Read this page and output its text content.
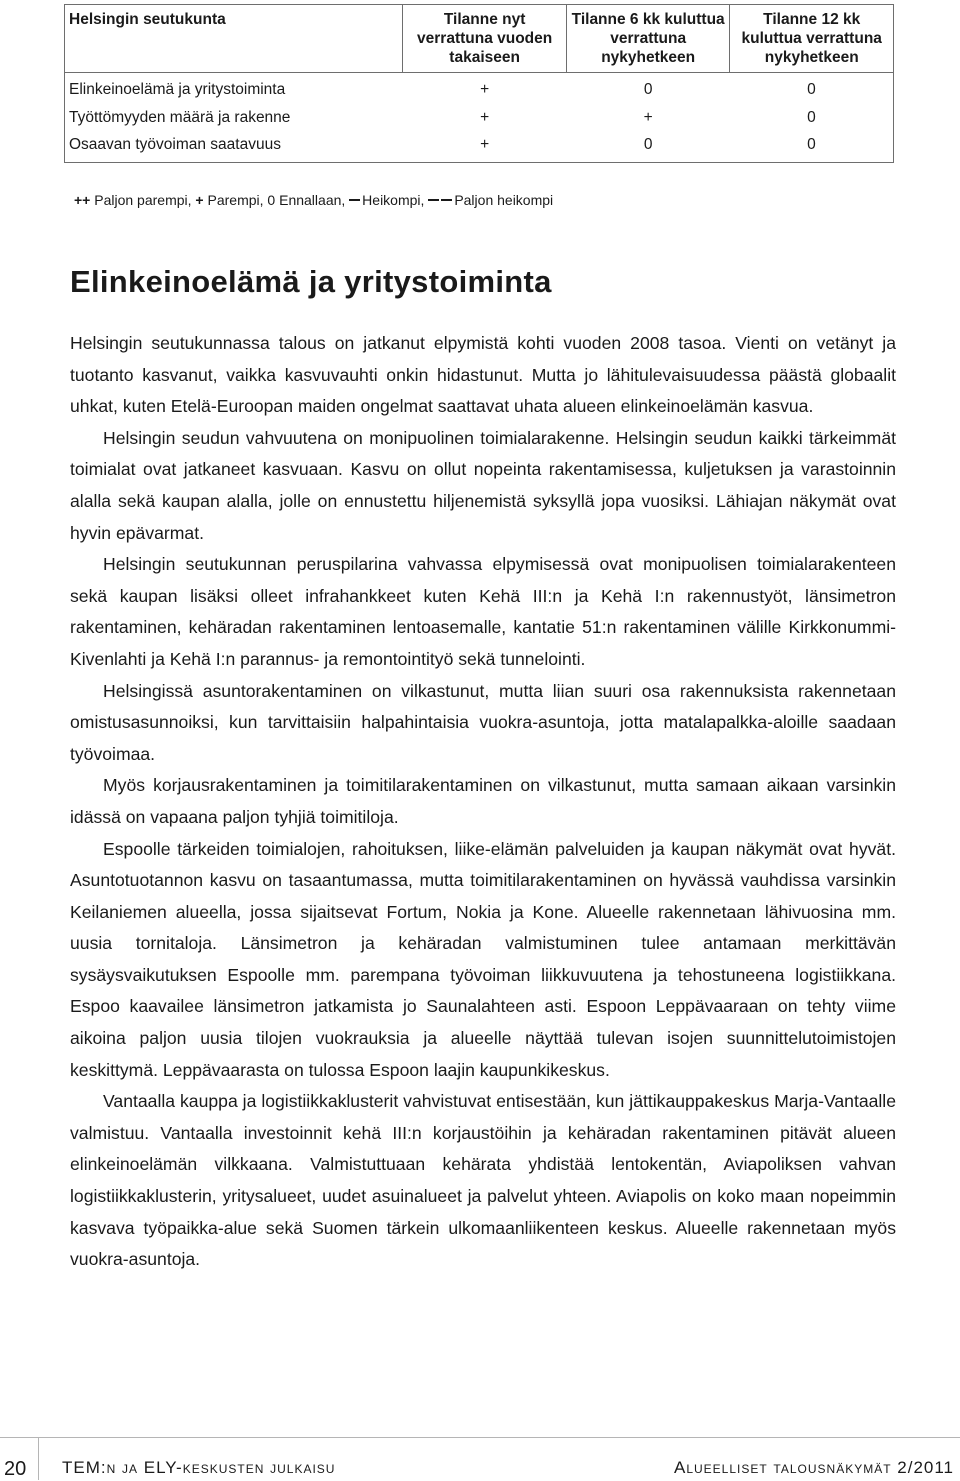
Helsingin seutukunta	Tilanne nyt verrattuna vuoden takaiseen	Tilanne 6 kk kuluttua verrattuna nykyhetkeen	Tilanne 12 kk kuluttua verrattuna nykyhetkeen
Elinkeinoelämä ja yritystoiminta	+	0	0
Työttömyyden määrä ja rakenne	+	+	0
Osaavan työvoiman saatavuus	+	0	0
++ Paljon parempi, + Parempi, 0 Ennallaan, Heikompi, Paljon heikompi
Elinkeinoelämä ja yritystoiminta

Helsingin seutukunnassa talous on jatkanut elpymistä kohti vuoden 2008 tasoa. Vienti on vetänyt ja tuotanto kasvanut, vaikka kasvuvauhti onkin hidastunut. Mutta jo lähitulevaisuudessa päästä globaalit uhkat, kuten Etelä-Euroopan maiden ongelmat saattavat uhata alueen elinkeinoelämän kasvua.

Helsingin seudun vahvuutena on monipuolinen toimialarakenne. Helsingin seudun kaikki tärkeimmät toimialat ovat jatkaneet kasvuaan. Kasvu on ollut nopeinta rakentamisessa, kuljetuksen ja varastoinnin alalla sekä kaupan alalla, jolle on ennustettu hiljenemistä syksyllä jopa vuosiksi. Lähiajan näkymät ovat hyvin epävarmat.

Helsingin seutukunnan peruspilarina vahvassa elpymisessä ovat monipuolisen toimialarakenteen sekä kaupan lisäksi olleet infrahankkeet kuten Kehä III:n ja Kehä I:n rakennustyöt, länsimetron rakentaminen, kehäradan rakentaminen lentoasemalle, kantatie 51:n rakentaminen välille Kirkkonummi-Kivenlahti ja Kehä I:n parannus- ja remontointityö sekä tunnelointi.

Helsingissä asuntorakentaminen on vilkastunut, mutta liian suuri osa rakennuksista rakennetaan omistusasunnoiksi, kun tarvittaisiin halpahintaisia vuokra-asuntoja, jotta matalapalkka-aloille saadaan työvoimaa.

Myös korjausrakentaminen ja toimitilarakentaminen on vilkastunut, mutta samaan aikaan varsinkin idässä on vapaana paljon tyhjiä toimitiloja.

Espoolle tärkeiden toimialojen, rahoituksen, liike-elämän palveluiden ja kaupan näkymät ovat hyvät. Asuntotuotannon kasvu on tasaantumassa, mutta toimitilarakentaminen on hyvässä vauhdissa varsinkin Keilaniemen alueella, jossa sijaitsevat Fortum, Nokia ja Kone. Alueelle rakennetaan lähivuosina mm. uusia tornitaloja. Länsimetron ja kehäradan valmistuminen tulee antamaan merkittävän sysäysvaikutuksen Espoolle mm. parempana työvoiman liikkuvuutena ja tehostuneena logistiikkana. Espoo kaavailee länsimetron jatkamista jo Saunalahteen asti. Espoon Leppävaaraan on tehty viime aikoina paljon uusia tilojen vuokrauksia ja alueelle näyttää tulevan isojen suunnittelutoimistojen keskittymä. Leppävaarasta on tulossa Espoon laajin kaupunkikeskus.

Vantaalla kauppa ja logistiikkaklusterit vahvistuvat entisestään, kun jättikauppakeskus Marja-Vantaalle valmistuu. Vantaalla investoinnit kehä III:n korjaustöihin ja kehäradan rakentaminen pitävät alueen elinkeinoelämän vilkkaana. Valmistuttuaan kehärata yhdistää lentokentän, Aviapoliksen vahvan logistiikkaklusterin, yritysalueet, uudet asuinalueet ja palvelut yhteen. Aviapolis on koko maan nopeimmin kasvava työpaikka-alue sekä Suomen tärkein ulkomaanliikenteen keskus. Alueelle rakennetaan myös vuokra-asuntoja.

20 TEM:n ja ELY-keskusten julkaisu	Alueelliset talousnäkymät 2/2011
